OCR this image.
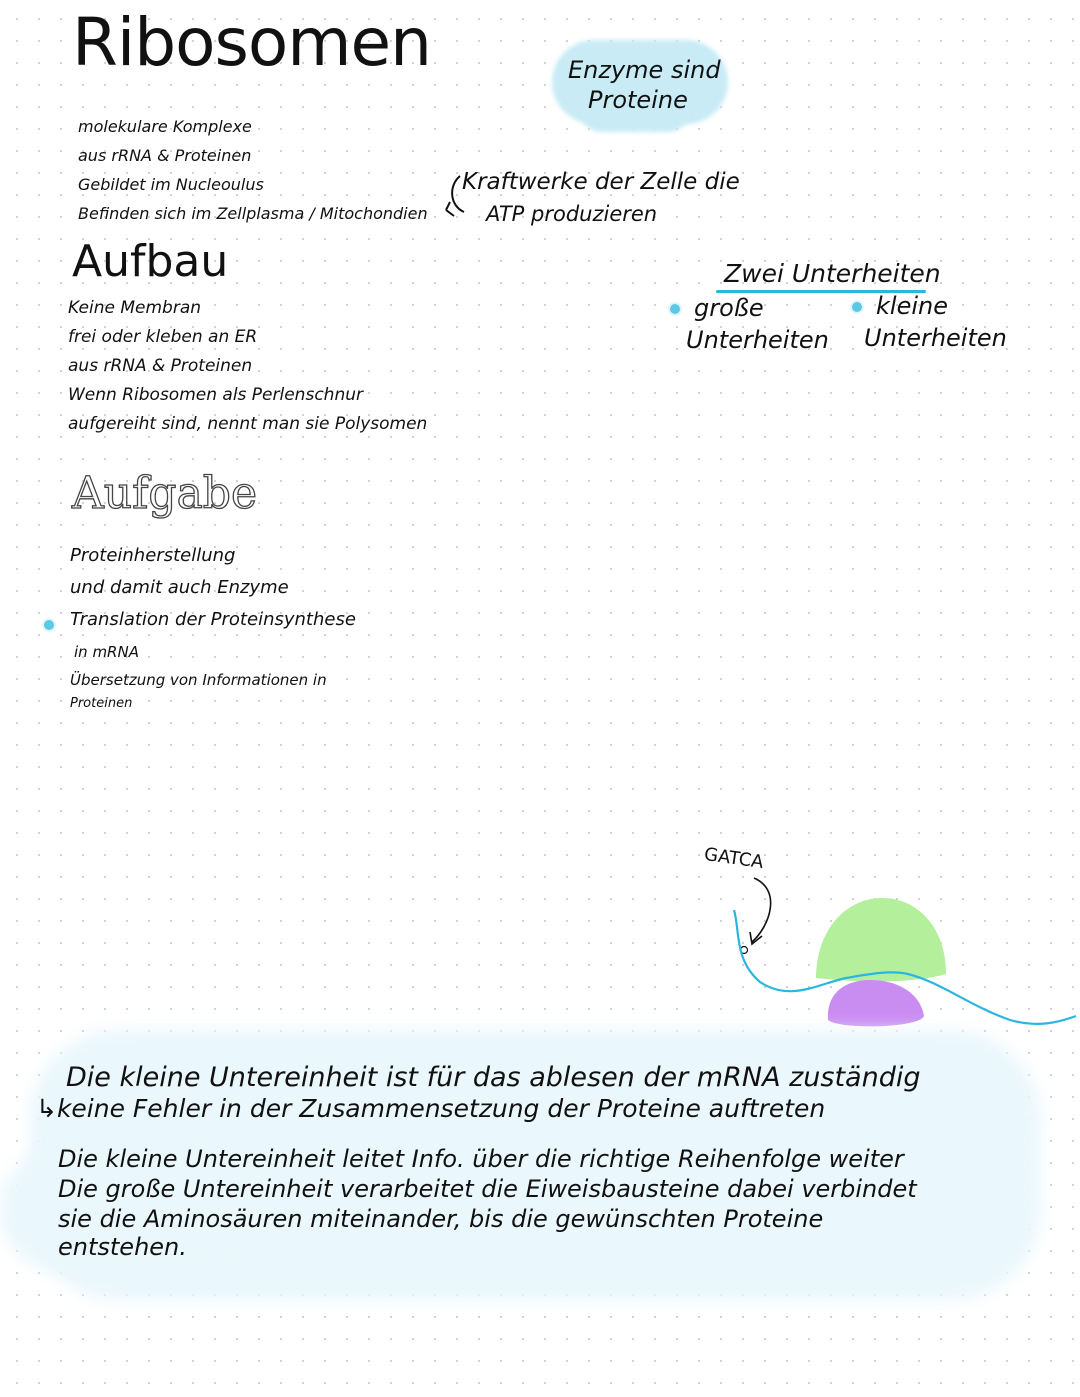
Ribosomen	Enzyme sind
Proteine
molekulare Komplexe
aus rRNA & Proteinen
Gebildet im Nucleoulus
Befinden sich im Zellplasma / Mitochondien
Kraftwerke der Zelle die
ATP produzieren
Aufbau
Keine Membran
frei oder kleben an ER
aus rRNA & Proteinen
Wenn Ribosomen als Perlenschnur
aufgereiht sind, nennt man sie Polysomen
Zwei Unterheiten
große
Unterheiten
kleine
Unterheiten
Aufgabe
Proteinherstellung
und damit auch Enzyme
Translation der Proteinsynthese
in mRNA
Übersetzung von Informationen in
Proteinen
GATCA
Die kleine Untereinheit ist für das ablesen der mRNA zuständig
↳keine Fehler in der Zusammensetzung der Proteine auftreten
Die kleine Untereinheit leitet Info. über die richtige Reihenfolge weiter
Die große Untereinheit verarbeitet die Eiweisbausteine dabei verbindet
sie die Aminosäuren miteinander, bis die gewünschten Proteine
entstehen.
